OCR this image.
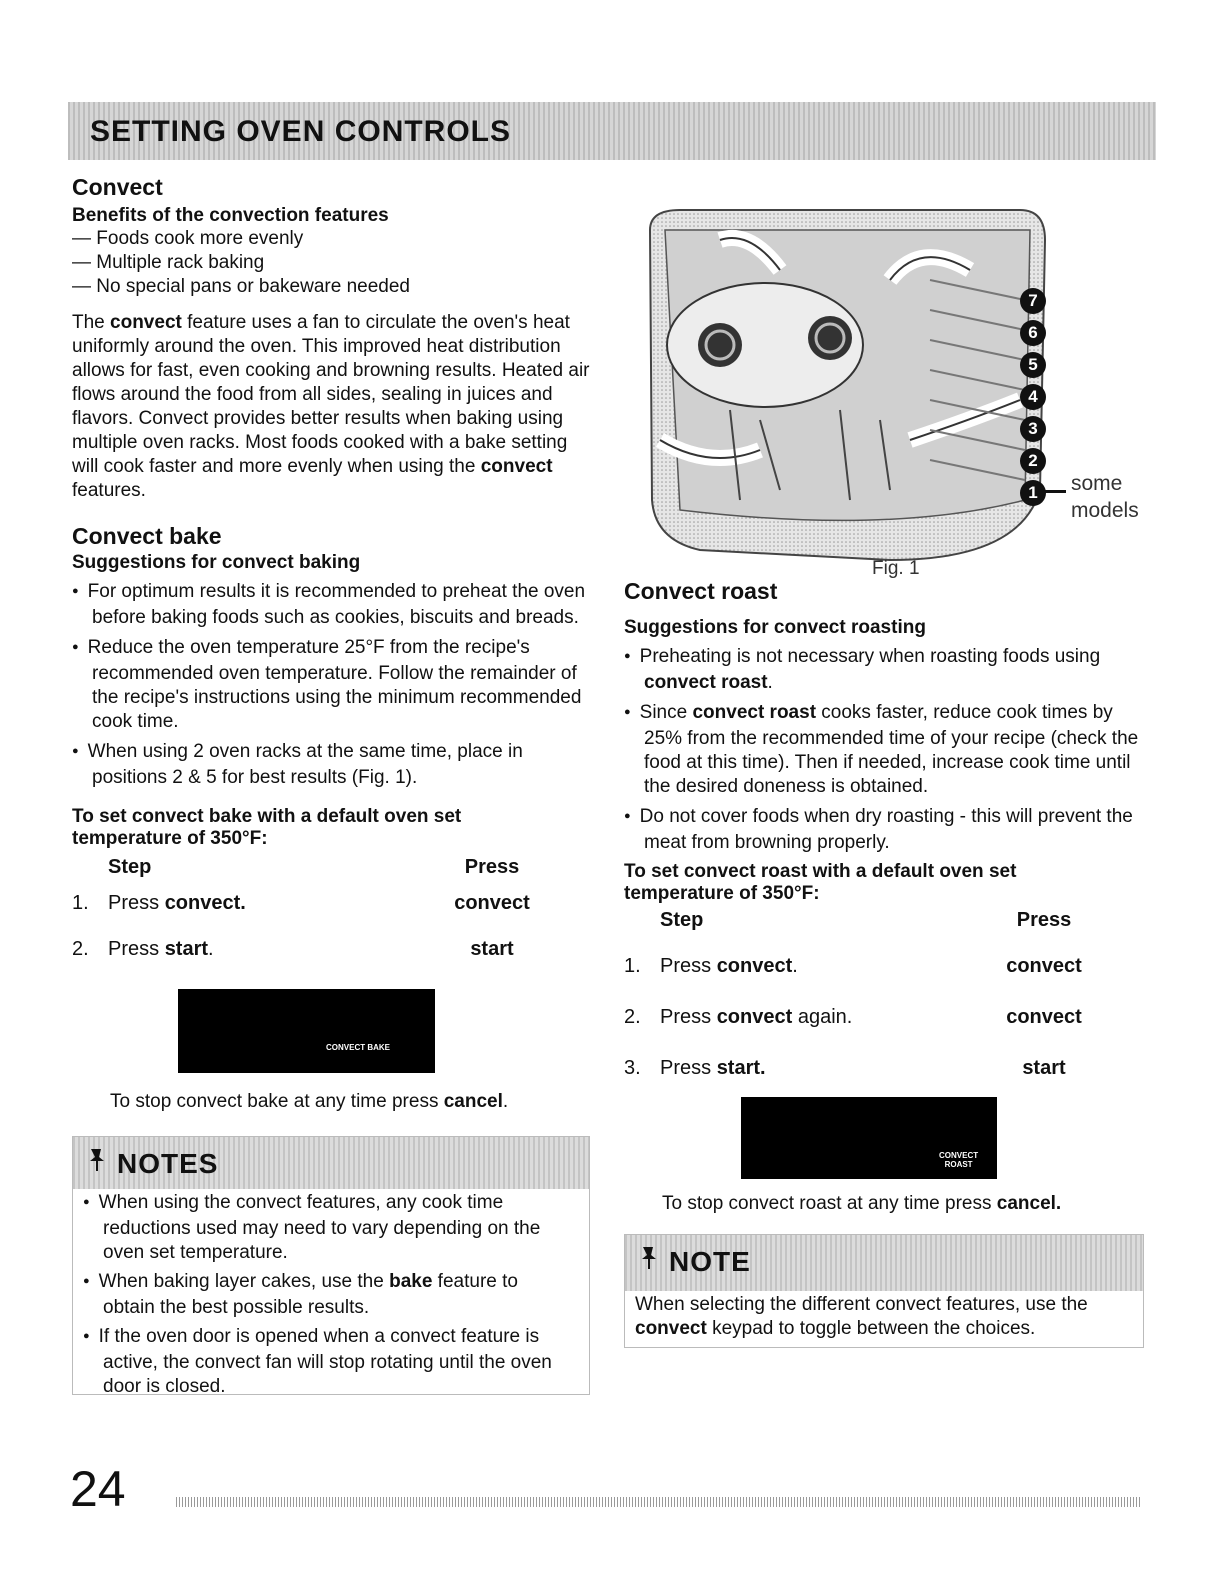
SETTING OVEN CONTROLS
Convect
Benefits of the convection features

— Foods cook more evenly

— Multiple rack baking

— No special pans or bakeware needed

The convect feature uses a fan to circulate the oven's heat uniformly around the oven. This improved heat distribution allows for fast, even cooking and browning results. Heated air flows around the food from all sides, sealing in juices and flavors. Convect provides better results when baking using multiple oven racks. Most foods cooked with a bake setting will cook faster and more evenly when using the convect features.

Convect bake
Suggestions for convect baking

● For optimum results it is recommended to preheat the oven before baking foods such as cookies, biscuits and breads.

● Reduce the oven temperature 25°F from the recipe's recommended oven temperature. Follow the remainder of the recipe's instructions using the minimum recommended cook time.

● When using 2 oven racks at the same time, place in positions 2 & 5 for best results (Fig. 1).

To set convect bake with a default oven set temperature of 350°F:
	Step	Press
1.	Press convect.	convect
2.	Press start.	start
CONVECT BAKE

To stop convect bake at any time press cancel.

NOTES

● When using the convect features, any cook time reductions used may need to vary depending on the oven set temperature.

● When baking layer cakes, use the bake feature to obtain the best possible results.

● If the oven door is opened when a convect feature is active, the convect fan will stop rotating until the oven door is closed.

7
6
5
4
3
2
1	some
models
Fig. 1
Convect roast
Suggestions for convect roasting

● Preheating is not necessary when roasting foods using convect roast.

● Since convect roast cooks faster, reduce cook times by 25% from the recommended time of your recipe (check the food at this time). Then if needed, increase cook time until the desired doneness is obtained.

● Do not cover foods when dry roasting - this will prevent the meat from browning properly.

To set convect roast with a default oven set temperature of 350°F:
	Step	Press
1.	Press convect.	convect
2.	Press convect again.	convect
3.	Press start.	start
CONVECT
ROAST

To stop convect roast at any time press cancel.

NOTE

When selecting the different convect features, use the convect keypad to toggle between the choices.

24
